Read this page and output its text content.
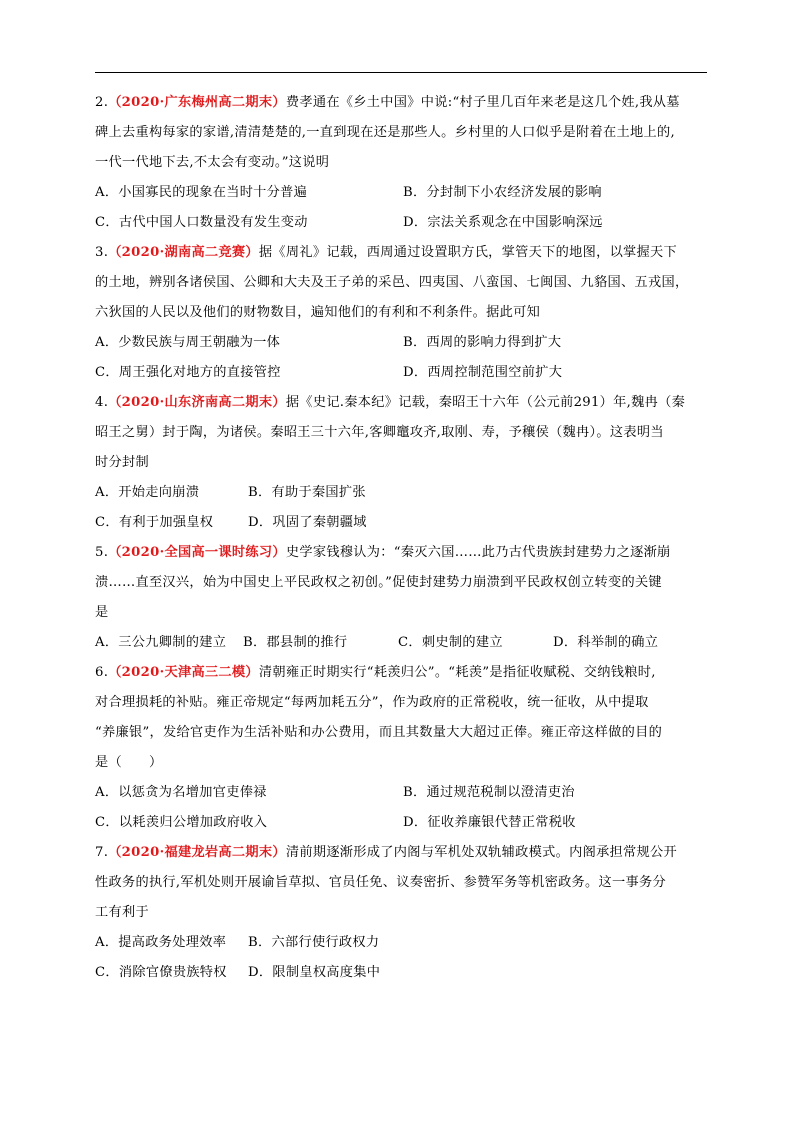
2.（2020·广东梅州高二期末）费孝通在《乡土中国》中说:“村子里几百年来老是这几个姓,我从墓
碑上去重构每家的家谱,清清楚楚的,一直到现在还是那些人。乡村里的人口似乎是附着在土地上的,
一代一代地下去,不太会有变动。”这说明
A．小国寡民的现象在当时十分普遍	B．分封制下小农经济发展的影响
C．古代中国人口数量没有发生变动	D．宗法关系观念在中国影响深远
3.（2020·湖南高二竞赛）据《周礼》记载，西周通过设置职方氏，掌管天下的地图，以掌握天下
的土地，辨别各诸侯国、公卿和大夫及王子弟的采邑、四夷国、八蛮国、七闽国、九貉国、五戎国，
六狄国的人民以及他们的财物数目，遍知他们的有利和不利条件。据此可知
A．少数民族与周王朝融为一体	B．西周的影响力得到扩大
C．周王强化对地方的直接管控	D．西周控制范围空前扩大
4.（2020·山东济南高二期末）据《史记.秦本纪》记载，秦昭王十六年（公元前291）年,魏冉（秦
昭王之舅）封于陶，为诸侯。秦昭王三十六年,客卿竈攻齐,取刚、寿，予穰侯（魏冉）。这表明当
时分封制
A．开始走向崩溃	B．有助于秦国扩张
C．有利于加强皇权	D．巩固了秦朝疆域
5.（2020·全国高一课时练习）史学家钱穆认为：“秦灭六国……此乃古代贵族封建势力之逐渐崩
溃……直至汉兴，始为中国史上平民政权之初创。”促使封建势力崩溃到平民政权创立转变的关键
是
A．三公九卿制的建立	B．郡县制的推行	C．刺史制的建立	D．科举制的确立
6.（2020·天津高三二模）清朝雍正时期实行“耗羡归公”。“耗羡”是指征收赋税、交纳钱粮时,
对合理损耗的补贴。雍正帝规定“每两加耗五分”，作为政府的正常税收，统一征收，从中提取
“养廉银”，发给官吏作为生活补贴和办公费用，而且其数量大大超过正俸。雍正帝这样做的目的
是（　　）
A．以惩贪为名增加官吏俸禄	B．通过规范税制以澄清吏治
C．以耗羡归公增加政府收入	D．征收养廉银代替正常税收
7.（2020·福建龙岩高二期末）清前期逐渐形成了内阁与军机处双轨辅政模式。内阁承担常规公开
性政务的执行,军机处则开展谕旨草拟、官员任免、议奏密折、参赞军务等机密政务。这一事务分
工有利于
A．提高政务处理效率	B．六部行使行政权力
C．消除官僚贵族特权	D．限制皇权高度集中
